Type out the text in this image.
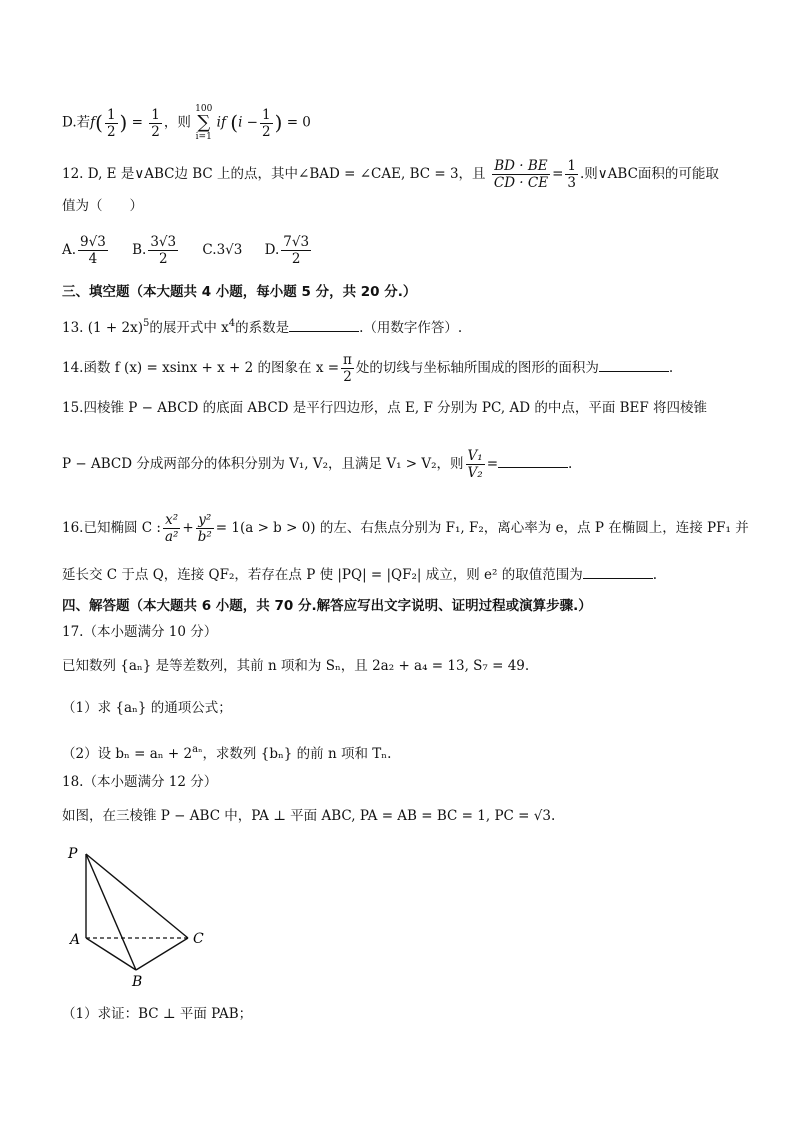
D.若$f( \frac{1}{2}$ ) = $\frac{1}{2}$ ，则
100
∑
i=1
if ($i - \frac{1}{2}$ ) = 0
12. D, E 是∨ABC边 BC 上的点，其中∠BAD = ∠CAE, BC = 3，且 $\frac{BD \cdot BE}{CD \cdot CE} = \frac{1}{3}$ .则∨ABC面积的可能取
值为（　　）
A. $\frac{9√3}{4} B$. $\frac{3√3}{2} C.3√3$ D. $\frac{7√3}{2}$
三、填空题（本大题共 4 小题，每小题 5 分，共 20 分.）
13. $(1 + 2x)^5$的展开式中 $x^4$的系数是	.（用数字作答）.
14.函数 f (x) = xsinx + x + 2 的图象在 $x = \frac{\pi}{2}$ 处的切线与坐标轴所围成的图形的面积为	.
15.四棱锥 P − ABCD 的底面 ABCD 是平行四边形，点 E, F 分别为 PC, AD 的中点，平面 BEF 将四棱锥
P − ABCD 分成两部分的体积分别为 V₁, V₂，且满足 V₁ > V₂，则 $\frac{\text{V₁}}{\text{V₂}}$ =	.
16.已知椭圆 C : $\frac{\text{x²}}{\text{a²}} + \frac{\text{y²}}{\text{b²}} = 1(a > b > 0)$ 的左、右焦点分别为 F₁, F₂，离心率为 e，点 P 在椭圆上，连接 PF₁ 并
延长交 C 于点 Q，连接 QF₂，若存在点 P 使 |PQ| = |QF₂| 成立，则 e² 的取值范围为	.
四、解答题（本大题共 6 小题，共 70 分.解答应写出文字说明、证明过程或演算步骤.）
17.（本小题满分 10 分）
已知数列 {aₙ} 是等差数列，其前 n 项和为 Sₙ，且 2a₂ + a₄ = 13, S₇ = 49.
（1）求 {aₙ} 的通项公式；
（2）设 $b_n = a_n + 2^{a_n}$，求数列 {bₙ} 的前 n 项和 Tₙ.
18.（本小题满分 12 分）
如图，在三棱锥 P − ABC 中，PA ⊥ 平面 ABC, PA = AB = BC = 1, PC = √3.
P
A
B
C
（1）求证：BC ⊥ 平面 PAB；
